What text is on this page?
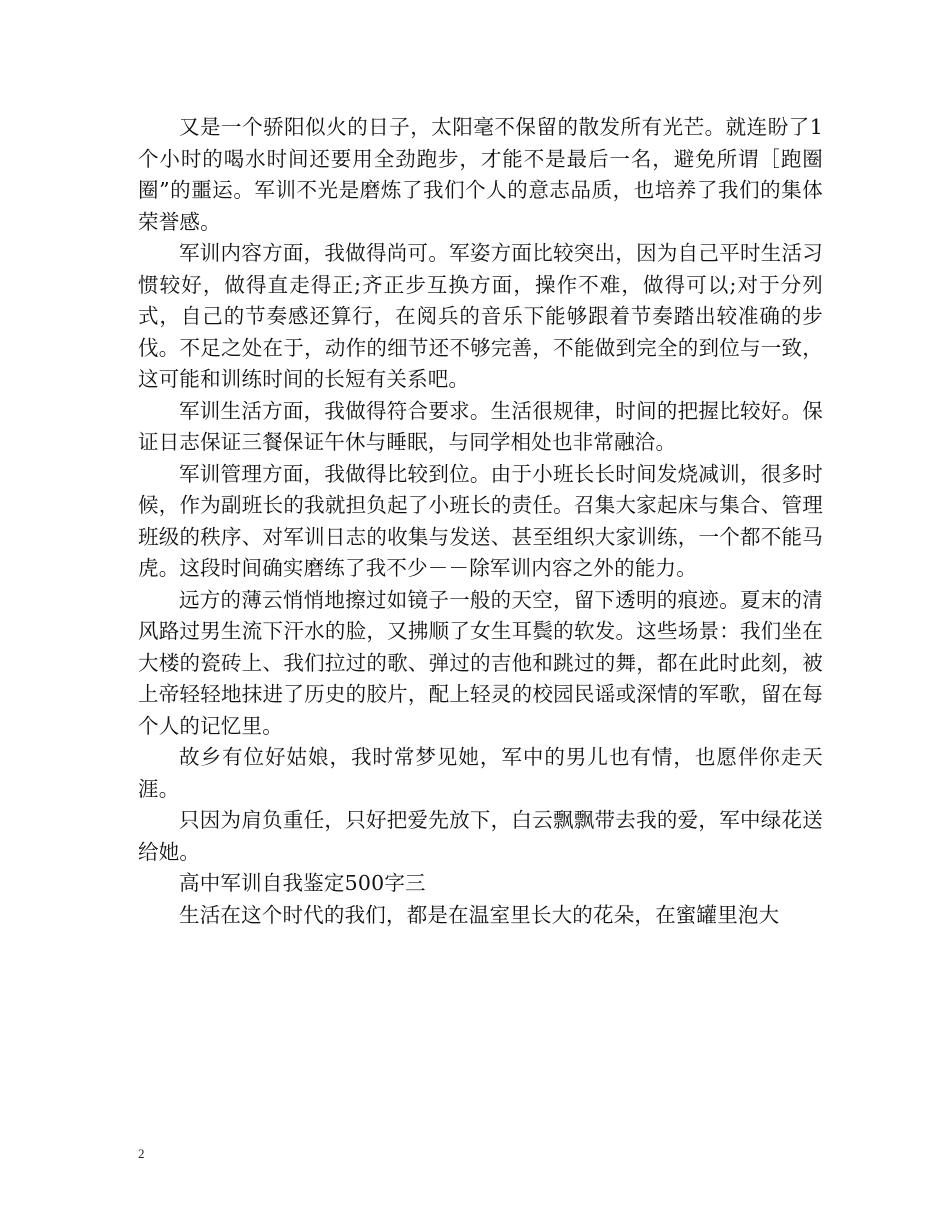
又是一个骄阳似火的日子，太阳毫不保留的散发所有光芒。就连盼了1个小时的喝水时间还要用全劲跑步，才能不是最后一名，避免所谓［跑圈圈”的噩运。军训不光是磨炼了我们个人的意志品质，也培养了我们的集体荣誉感。

军训内容方面，我做得尚可。军姿方面比较突出，因为自己平时生活习惯较好，做得直走得正;齐正步互换方面，操作不难，做得可以;对于分列式，自己的节奏感还算行，在阅兵的音乐下能够跟着节奏踏出较准确的步伐。不足之处在于，动作的细节还不够完善，不能做到完全的到位与一致，这可能和训练时间的长短有关系吧。

军训生活方面，我做得符合要求。生活很规律，时间的把握比较好。保证日志保证三餐保证午休与睡眠，与同学相处也非常融洽。

军训管理方面，我做得比较到位。由于小班长长时间发烧减训，很多时候，作为副班长的我就担负起了小班长的责任。召集大家起床与集合、管理班级的秩序、对军训日志的收集与发送、甚至组织大家训练，一个都不能马虎。这段时间确实磨练了我不少－－除军训内容之外的能力。

远方的薄云悄悄地擦过如镜子一般的天空，留下透明的痕迹。夏末的清风路过男生流下汗水的脸，又拂顺了女生耳鬓的软发。这些场景：我们坐在大楼的瓷砖上、我们拉过的歌、弹过的吉他和跳过的舞，都在此时此刻，被上帝轻轻地抹进了历史的胶片，配上轻灵的校园民谣或深情的军歌，留在每个人的记忆里。

故乡有位好姑娘，我时常梦见她，军中的男儿也有情，也愿伴你走天涯。

只因为肩负重任，只好把爱先放下，白云飘飘带去我的爱，军中绿花送给她。

高中军训自我鉴定500字三

生活在这个时代的我们，都是在温室里长大的花朵，在蜜罐里泡大

2
